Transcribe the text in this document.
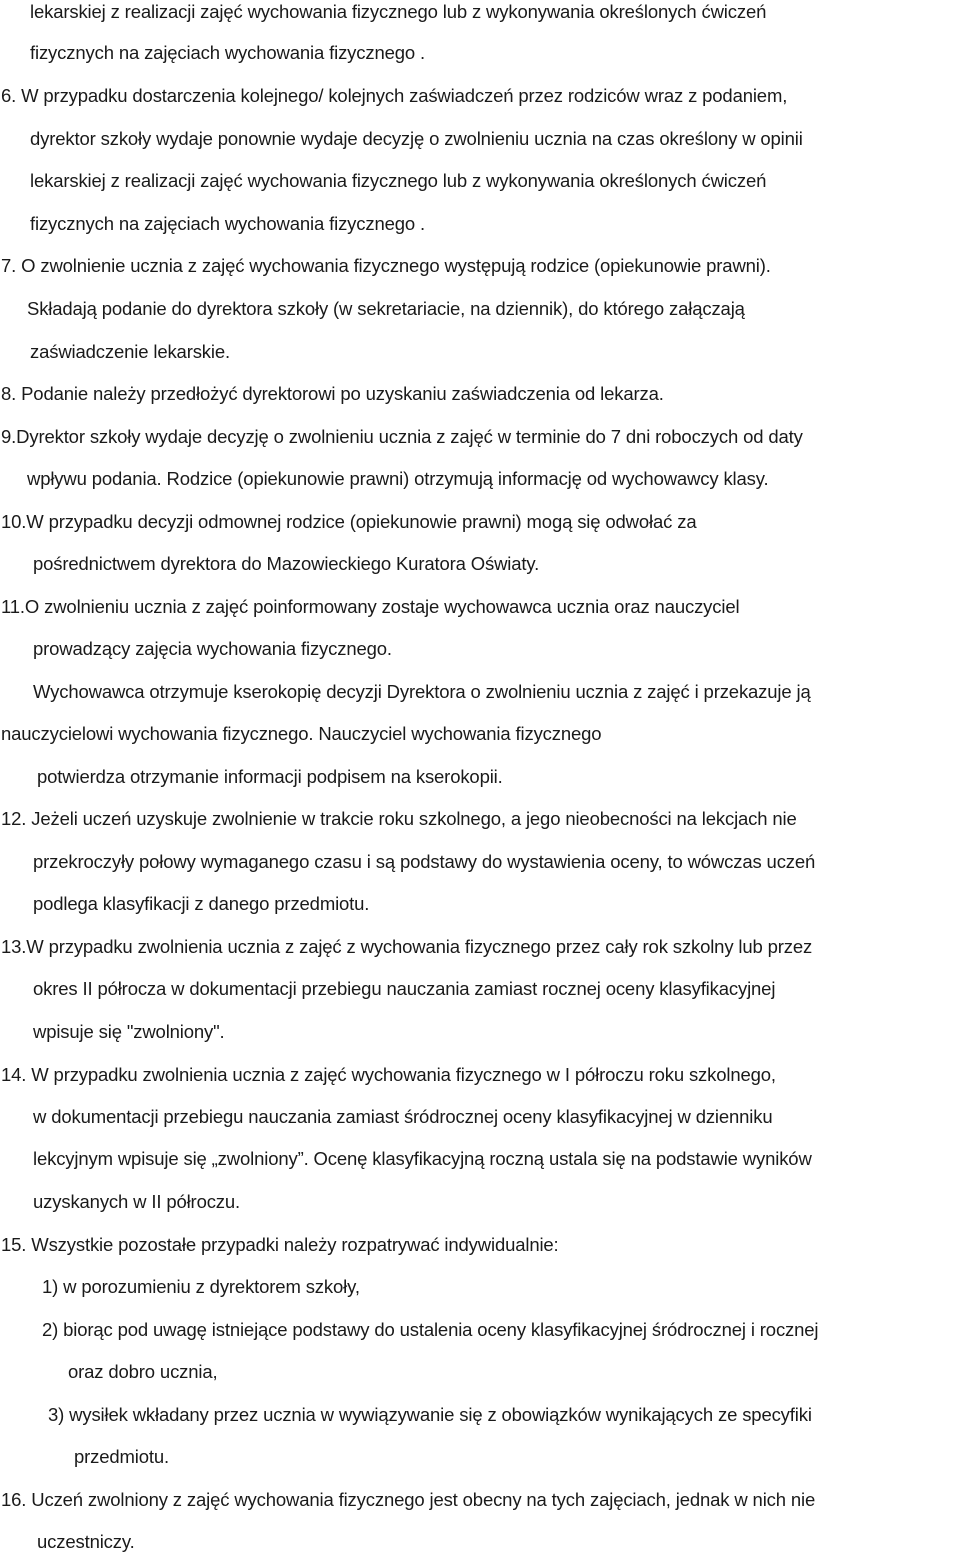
lekarskiej z realizacji zajęć wychowania fizycznego lub z wykonywania określonych ćwiczeń

fizycznych na zajęciach wychowania fizycznego .

6. W przypadku dostarczenia kolejnego/ kolejnych zaświadczeń przez rodziców wraz z podaniem,

dyrektor szkoły wydaje ponownie wydaje decyzję o zwolnieniu ucznia na czas określony w opinii

lekarskiej z realizacji zajęć wychowania fizycznego lub z wykonywania określonych ćwiczeń

fizycznych na zajęciach wychowania fizycznego .

7. O zwolnienie ucznia z zajęć wychowania fizycznego występują rodzice (opiekunowie prawni).

Składają podanie do dyrektora szkoły (w sekretariacie, na dziennik), do którego załączają

zaświadczenie lekarskie.

8. Podanie należy przedłożyć dyrektorowi po uzyskaniu zaświadczenia od lekarza.

9.Dyrektor szkoły wydaje decyzję o zwolnieniu ucznia z zajęć w terminie do 7 dni roboczych od daty

wpływu podania. Rodzice (opiekunowie prawni) otrzymują informację od wychowawcy klasy.

10.W przypadku decyzji odmownej rodzice (opiekunowie prawni) mogą się odwołać za

pośrednictwem dyrektora do Mazowieckiego Kuratora Oświaty.

11.O zwolnieniu ucznia z zajęć poinformowany zostaje wychowawca ucznia oraz nauczyciel

prowadzący zajęcia wychowania fizycznego.

Wychowawca otrzymuje kserokopię decyzji Dyrektora o zwolnieniu ucznia z zajęć i przekazuje ją

nauczycielowi wychowania fizycznego. Nauczyciel wychowania fizycznego

potwierdza otrzymanie informacji podpisem na kserokopii.

12. Jeżeli uczeń uzyskuje zwolnienie w trakcie roku szkolnego, a jego nieobecności na lekcjach nie

przekroczyły połowy wymaganego czasu i są podstawy do wystawienia oceny, to wówczas uczeń

podlega klasyfikacji z danego przedmiotu.

13.W przypadku zwolnienia ucznia z zajęć z wychowania fizycznego przez cały rok szkolny lub przez

okres II półrocza w dokumentacji przebiegu nauczania zamiast rocznej oceny klasyfikacyjnej

wpisuje się "zwolniony".

14. W przypadku zwolnienia ucznia z zajęć wychowania fizycznego w I półroczu roku szkolnego,

w dokumentacji przebiegu nauczania zamiast śródrocznej oceny klasyfikacyjnej w dzienniku

lekcyjnym wpisuje się „zwolniony”. Ocenę klasyfikacyjną roczną ustala się na podstawie wyników

uzyskanych w II półroczu.

15. Wszystkie pozostałe przypadki należy rozpatrywać indywidualnie:

1) w porozumieniu z dyrektorem szkoły,

2) biorąc pod uwagę istniejące podstawy do ustalenia oceny klasyfikacyjnej śródrocznej i rocznej

oraz dobro ucznia,

3) wysiłek wkładany przez ucznia w wywiązywanie się z obowiązków wynikających ze specyfiki

przedmiotu.

16. Uczeń zwolniony z zajęć wychowania fizycznego jest obecny na tych zajęciach, jednak w nich nie

uczestniczy.
